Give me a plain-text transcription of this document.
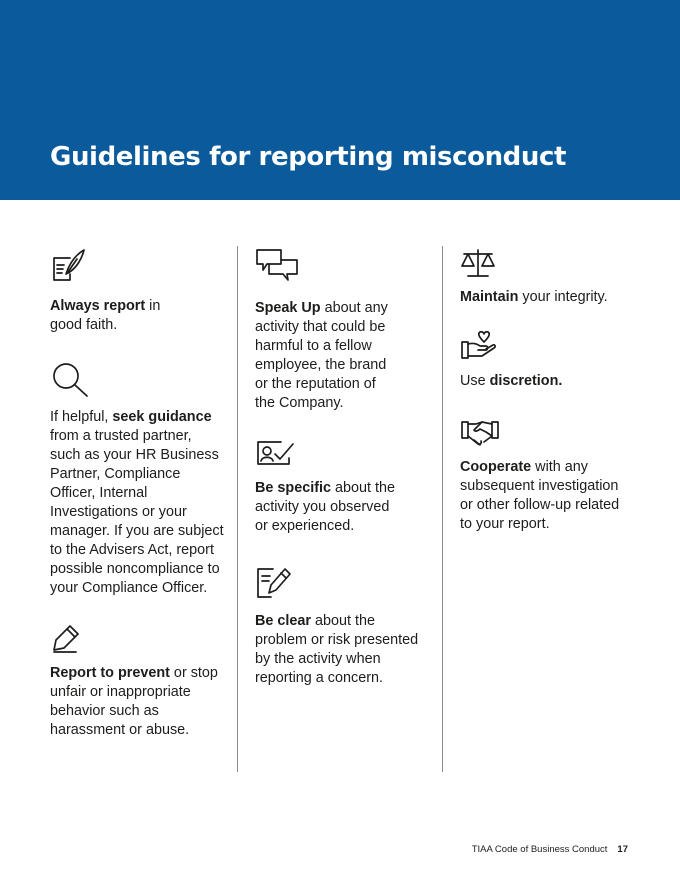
Guidelines for reporting misconduct
Always report in
good faith.
If helpful, seek guidance
from a trusted partner,
such as your HR Business
Partner, Compliance
Officer, Internal
Investigations or your
manager. If you are subject
to the Advisers Act, report
possible noncompliance to
your Compliance Officer.
Report to prevent or stop
unfair or inappropriate
behavior such as
harassment or abuse.
Speak Up about any
activity that could be
harmful to a fellow
employee, the brand
or the reputation of
the Company.
Be specific about the
activity you observed
or experienced.
Be clear about the
problem or risk presented
by the activity when
reporting a concern.
Maintain your integrity.
Use discretion.
Cooperate with any
subsequent investigation
or other follow-up related
to your report.
TIAA Code of Business Conduct 17
